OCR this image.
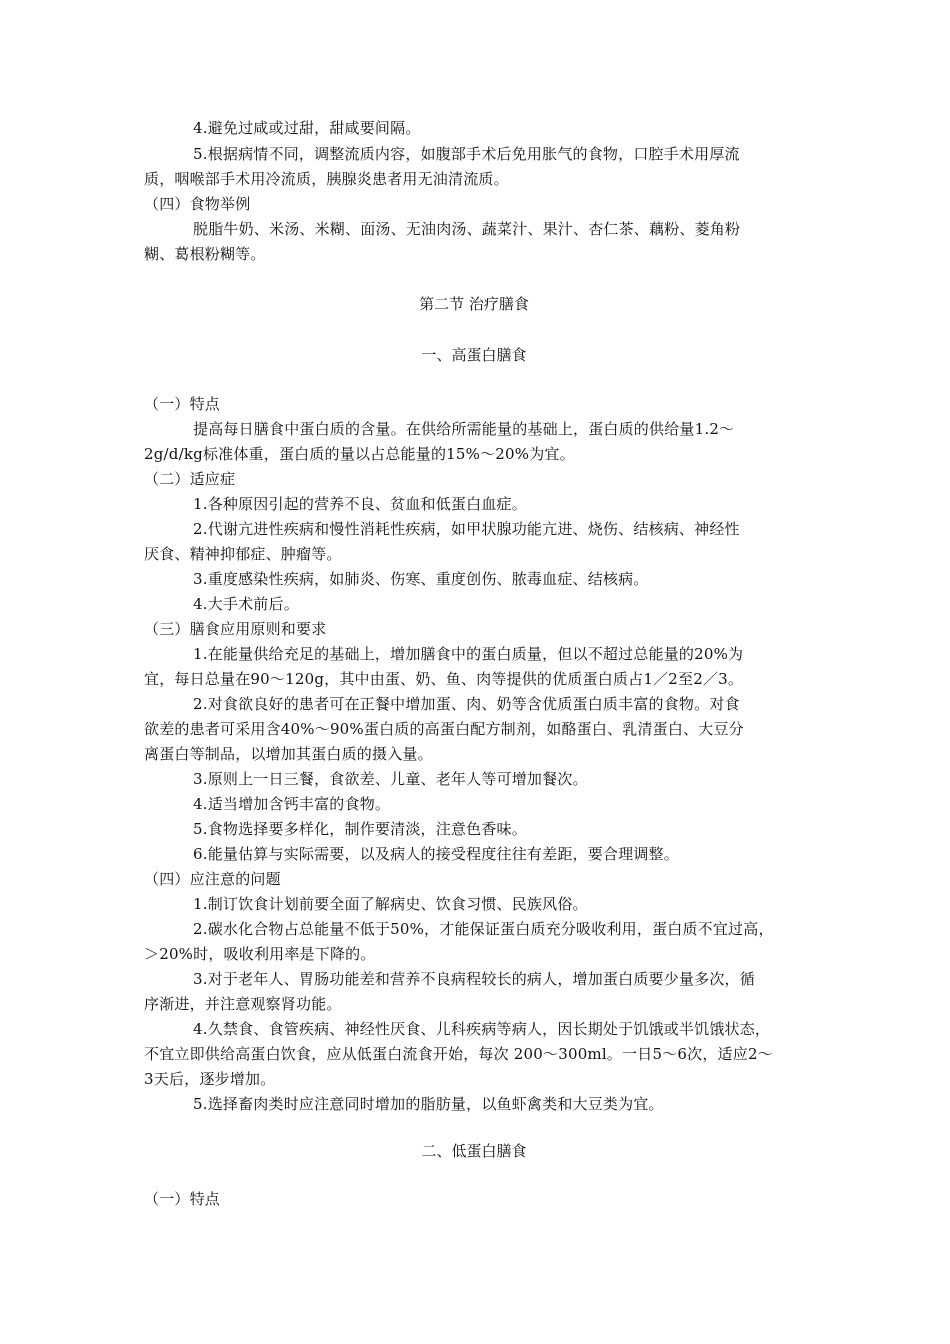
4.避免过咸或过甜，甜咸要间隔。
5.根据病情不同，调整流质内容，如腹部手术后免用胀气的食物，口腔手术用厚流
质，咽喉部手术用冷流质，胰腺炎患者用无油清流质。
（四）食物举例
脱脂牛奶、米汤、米糊、面汤、无油肉汤、蔬菜汁、果汁、杏仁茶、藕粉、菱角粉
糊、葛根粉糊等。
第二节 治疗膳食
一、高蛋白膳食
（一）特点
提高每日膳食中蛋白质的含量。在供给所需能量的基础上，蛋白质的供给量1.2～
2g/d/kg标准体重，蛋白质的量以占总能量的15%～20%为宜。
（二）适应症
1.各种原因引起的营养不良、贫血和低蛋白血症。
2.代谢亢进性疾病和慢性消耗性疾病，如甲状腺功能亢进、烧伤、结核病、神经性
厌食、精神抑郁症、肿瘤等。
3.重度感染性疾病，如肺炎、伤寒、重度创伤、脓毒血症、结核病。
4.大手术前后。
（三）膳食应用原则和要求
1.在能量供给充足的基础上，增加膳食中的蛋白质量，但以不超过总能量的20%为
宜，每日总量在90～120g，其中由蛋、奶、鱼、肉等提供的优质蛋白质占1／2至2／3。
2.对食欲良好的患者可在正餐中增加蛋、肉、奶等含优质蛋白质丰富的食物。对食
欲差的患者可采用含40%～90%蛋白质的高蛋白配方制剂，如酪蛋白、乳清蛋白、大豆分
离蛋白等制品，以增加其蛋白质的摄入量。
3.原则上一日三餐，食欲差、儿童、老年人等可增加餐次。
4.适当增加含钙丰富的食物。
5.食物选择要多样化，制作要清淡，注意色香味。
6.能量估算与实际需要，以及病人的接受程度往往有差距，要合理调整。
（四）应注意的问题
1.制订饮食计划前要全面了解病史、饮食习惯、民族风俗。
2.碳水化合物占总能量不低于50%，才能保证蛋白质充分吸收利用，蛋白质不宜过高，
＞20%时，吸收利用率是下降的。
3.对于老年人、胃肠功能差和营养不良病程较长的病人，增加蛋白质要少量多次，循
序渐进，并注意观察肾功能。
4.久禁食、食管疾病、神经性厌食、儿科疾病等病人，因长期处于饥饿或半饥饿状态，
不宜立即供给高蛋白饮食，应从低蛋白流食开始，每次 200～300ml。一日5～6次，适应2～
3天后，逐步增加。
5.选择畜肉类时应注意同时增加的脂肪量，以鱼虾禽类和大豆类为宜。
二、低蛋白膳食
（一）特点
